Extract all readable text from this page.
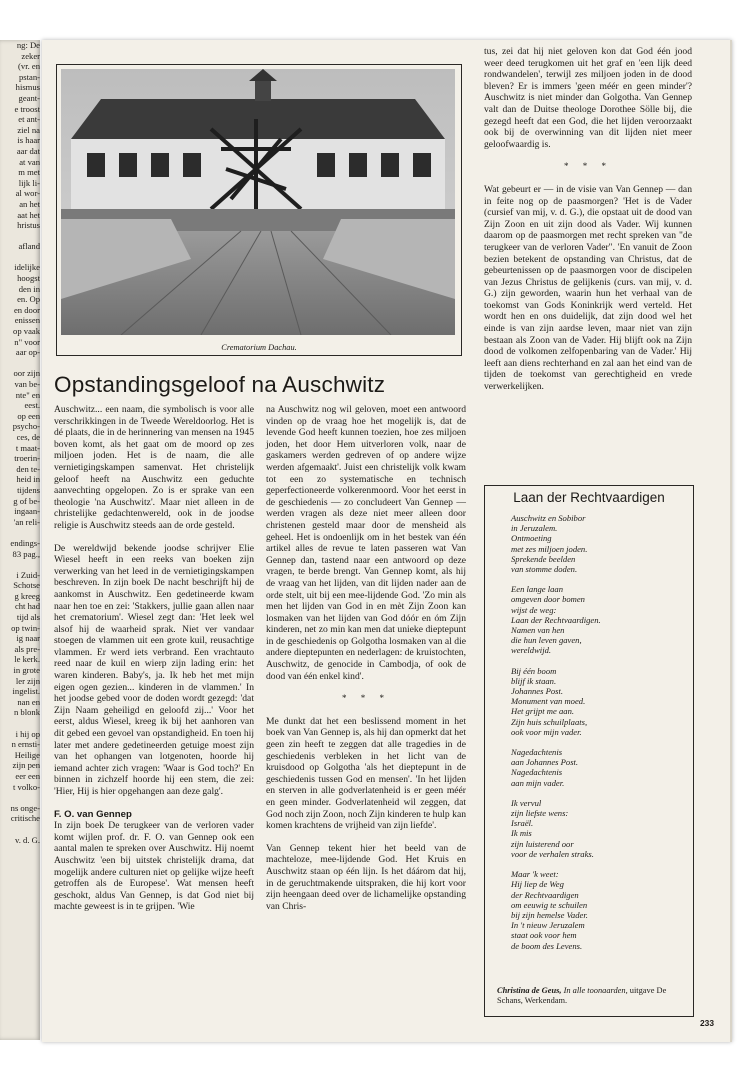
ng: De
zeker
(vr. en
pstan-
hismus
geant-
e troost
et ant-
ziel na
is haar
aar dat
at van
m met
lijk li-
al wor-
an het
aat het
hristus
afland
idelijke
hoogst
den in
en. Op
en door
enissen
op vaak
n" voor
aar op-
oor zijn
van be-
nte" en
eest.
op een
psycho-
ces, de
t maat-
troerin-
den te-
heid in
tijdens
g of be-
ingaan-
'an reli-
endings-
83 pag.,
i Zuid-
Schotse
g kreeg
cht had
tijd als
op twin-
ig naar
als pre-
le kerk.
in grote
ler zijn
ingelist.
nan en
n blonk
i hij op
n ernsti-
Heilige
zijn pen
eer een
t volko-
ns onge-
critische
v. d. G.
Crematorium Dachau.
Opstandingsgeloof na Auschwitz

Auschwitz... een naam, die symbolisch is voor alle verschrikkingen in de Tweede Wereldoorlog. Het is dé plaats, die in de herinnering van mensen na 1945 boven komt, als het gaat om de moord op zes miljoen joden. Het is de naam, die alle vernietigingskampen samenvat. Het christelijk geloof heeft na Auschwitz een geduchte aanvechting opgelopen. Zo is er sprake van een theologie 'na Auschwitz'. Maar niet alleen in de christelijke gedachtenwereld, ook in de joodse religie is Auschwitz steeds aan de orde gesteld.

De wereldwijd bekende joodse schrijver Elie Wiesel heeft in een reeks van boeken zijn verwerking van het leed in de vernietigingskampen beschreven. In zijn boek De nacht beschrijft hij de aankomst in Auschwitz. Een gedetineerde kwam naar hen toe en zei: 'Stakkers, jullie gaan allen naar het crematorium'. Wiesel zegt dan: 'Het leek wel alsof hij de waarheid sprak. Niet ver vandaar stoegen de vlammen uit een grote kuil, reusachtige vlammen. Er werd iets verbrand. Een vrachtauto reed naar de kuil en wierp zijn lading erin: het waren kinderen. Baby's, ja. Ik heb het met mijn eigen ogen gezien... kinderen in de vlammen.' In het joodse gebed voor de doden wordt gezegd: 'dat Zijn Naam geheiligd en geloofd zij...' Voor het eerst, aldus Wiesel, kreeg ik bij het aanhoren van dit gebed een gevoel van opstandigheid. En toen hij later met andere gedetineerden getuige moest zijn van het ophangen van lotgenoten, hoorde hij iemand achter zich vragen: 'Waar is God toch?' En binnen in zichzelf hoorde hij een stem, die zei: 'Hier, Hij is hier opgehangen aan deze galg'.

F. O. van Gennep

In zijn boek De terugkeer van de verloren vader komt wijlen prof. dr. F. O. van Gennep ook een aantal malen te spreken over Auschwitz. Hij noemt Auschwitz 'een bij uitstek christelijk drama, dat mogelijk andere culturen niet op gelijke wijze heeft getroffen als de Europese'. Wat mensen heeft geschokt, aldus Van Gennep, is dat God niet bij machte geweest is in te grijpen. 'Wie

na Auschwitz nog wil geloven, moet een antwoord vinden op de vraag hoe het mogelijk is, dat de levende God heeft kunnen toezien, hoe zes miljoen joden, het door Hem uitverloren volk, naar de gaskamers werden gedreven of op andere wijze werden afgemaakt'. Juist een christelijk volk kwam tot een zo systematische en technisch geperfectioneerde volkerenmoord. Voor het eerst in de geschiedenis — zo concludeert Van Gennep — werden vragen als deze niet meer alleen door christenen gesteld maar door de mensheid als geheel. Het is ondoenlijk om in het bestek van één artikel alles de revue te laten passeren wat Van Gennep dan, tastend naar een antwoord op deze vragen, te berde brengt. Van Gennep komt, als hij de vraag van het lijden, van dit lijden nader aan de orde stelt, uit bij een mee-lijdende God. 'Zo min als men het lijden van God in en mèt Zijn Zoon kan losmaken van het lijden van God dóór en óm Zijn kinderen, net zo min kan men dat unieke dieptepunt in de geschiedenis op Golgotha losmaken van al die andere dieptepunten en nederlagen: de kruistochten, Auschwitz, de genocide in Cambodja, of ook de dood van één enkel kind'.

* * *

Me dunkt dat het een beslissend moment in het boek van Van Gennep is, als hij dan opmerkt dat het geen zin heeft te zeggen dat alle tragedies in de geschiedenis verbleken in het licht van de kruisdood op Golgotha 'als het dieptepunt in de geschiedenis tussen God en mensen'. 'In het lijden en sterven in alle godverlatenheid is er geen méér en geen minder. Godverlatenheid wil zeggen, dat God noch zijn Zoon, noch Zijn kinderen te hulp kan komen krachtens de vrijheid van zijn liefde'.

Van Gennep tekent hier het beeld van de machteloze, mee-lijdende God. Het Kruis en Auschwitz staan op één lijn. Is het dáárom dat hij, in de geruchtmakende uitspraken, die hij kort voor zijn heengaan deed over de lichamelijke opstanding van Chris-

tus, zei dat hij niet geloven kon dat God één jood weer deed terugkomen uit het graf en 'een lijk deed rondwandelen', terwijl zes miljoen joden in de dood bleven? Er is immers 'geen méér en geen minder'? Auschwitz is niet minder dan Golgotha. Van Gennep valt dan de Duitse theologe Dorothee Sölle bij, die gezegd heeft dat een God, die het lijden veroorzaakt ook bij de overwinning van dit lijden niet meer geloofwaardig is.

* * *

Wat gebeurt er — in de visie van Van Gennep — dan in feite nog op de paasmorgen? 'Het is de Vader (cursief van mij, v. d. G.), die opstaat uit de dood van Zijn Zoon en uit zijn dood als Vader. Wij kunnen daarom op de paasmorgen met recht spreken van "de terugkeer van de verloren Vader". 'En vanuit de Zoon bezien betekent de opstanding van Christus, dat de gebeurtenissen op de paasmorgen voor de discipelen van Jezus Christus de gelijkenis (curs. van mij, v. d. G.) zijn geworden, waarin hun het verhaal van de toekomst van Gods Koninkrijk werd verteld. Het wordt hen en ons duidelijk, dat zijn dood wel het einde is van zijn aardse leven, maar niet van zijn bestaan als Zoon van de Vader. Hij blijft ook na Zijn dood de volkomen zelfopenbaring van de Vader.' Hij leeft aan diens rechterhand en zal aan het eind van de tijden de toekomst van gerechtigheid en vrede verwerkelijken.

Laan der Rechtvaardigen
Auschwitz en Sobibor
in Jeruzalem.
Ontmoeting
met zes miljoen joden.
Sprekende beelden
van stomme doden.
Een lange laan
omgeven door bomen
wijst de weg:
Laan der Rechtvaardigen.
Namen van hen
die hun leven gaven,
wereldwijd.
Bij één boom
blijf ik staan.
Johannes Post.
Monument van moed.
Het grijpt me aan.
Zijn huis schuilplaats,
ook voor mijn vader.
Nagedachtenis
aan Johannes Post.
Nagedachtenis
aan mijn vader.
Ik vervul
zijn liefste wens:
Israël.
Ik mis
zijn luisterend oor
voor de verhalen straks.
Maar 'k weet:
Hij liep de Weg
der Rechtvaardigen
om eeuwig te schuilen
bij zijn hemelse Vader.
In 't nieuw Jeruzalem
staat ook voor hem
de boom des Levens.
Christina de Geus, In alle toonaarden, uitgave De Schans, Werkendam.
233
